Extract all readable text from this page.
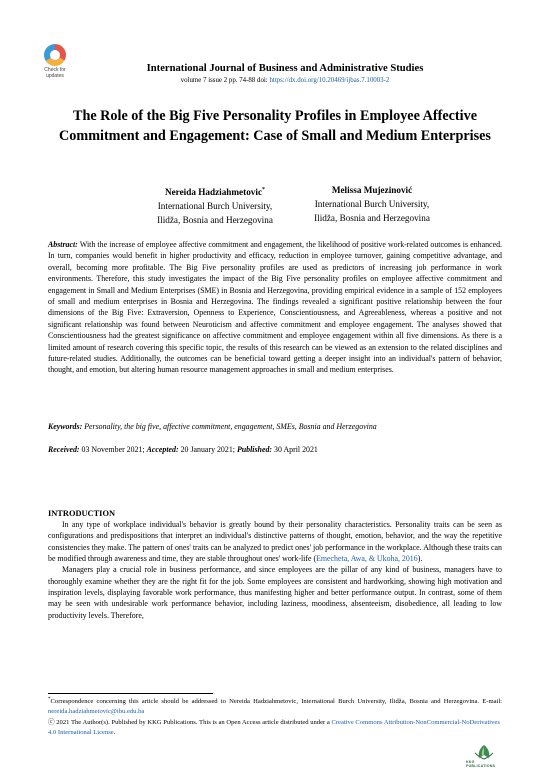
Check for updates
International Journal of Business and Administrative Studies
volume 7 issue 2 pp. 74-88 doi: https://dx.doi.org/10.20469/ijbas.7.10003-2
The Role of the Big Five Personality Profiles in Employee Affective Commitment and Engagement: Case of Small and Medium Enterprises
Nereida Hadziahmetovic*
International Burch University,
Ilidža, Bosnia and Herzegovina
Melissa Mujezinović
International Burch University,
Ilidža, Bosnia and Herzegovina
Abstract: With the increase of employee affective commitment and engagement, the likelihood of positive work-related outcomes is enhanced. In turn, companies would benefit in higher productivity and efficacy, reduction in employee turnover, gaining competitive advantage, and overall, becoming more profitable. The Big Five personality profiles are used as predictors of increasing job performance in work environments. Therefore, this study investigates the impact of the Big Five personality profiles on employee affective commitment and engagement in Small and Medium Enterprises (SME) in Bosnia and Herzegovina, providing empirical evidence in a sample of 152 employees of small and medium enterprises in Bosnia and Herzegovina. The findings revealed a significant positive relationship between the four dimensions of the Big Five: Extraversion, Openness to Experience, Conscientiousness, and Agreeableness, whereas a positive and not significant relationship was found between Neuroticism and affective commitment and employee engagement. The analyses showed that Conscientiousness had the greatest significance on affective commitment and employee engagement within all five dimensions. As there is a limited amount of research covering this specific topic, the results of this research can be viewed as an extension to the related disciplines and future-related studies. Additionally, the outcomes can be beneficial toward getting a deeper insight into an individual's pattern of behavior, thought, and emotion, but altering human resource management approaches in small and medium enterprises.
Keywords: Personality, the big five, affective commitment, engagement, SMEs, Bosnia and Herzegovina
Received: 03 November 2021; Accepted: 20 January 2021; Published: 30 April 2021
INTRODUCTION

In any type of workplace individual's behavior is greatly bound by their personality characteristics. Personality traits can be seen as configurations and predispositions that interpret an individual's distinctive patterns of thought, emotion, behavior, and the way the repetitive consistencies they make. The pattern of ones' traits can be analyzed to predict ones' job performance in the workplace. Although these traits can be modified through awareness and time, they are stable throughout ones' work-life (Emecheta, Awa, & Ukoha, 2016).

Managers play a crucial role in business performance, and since employees are the pillar of any kind of business, managers have to thoroughly examine whether they are the right fit for the job. Some employees are consistent and hardworking, showing high motivation and inspiration levels, displaying favorable work performance, thus manifesting higher and better performance output. In contrast, some of them may be seen with undesirable work performance behavior, including laziness, moodiness, absenteeism, disobedience, all leading to low productivity levels. Therefore,

*Correspondence concerning this article should be addressed to Nereida Hadziahmetovic, International Burch University, Ilidža, Bosnia and Herzegovina. E-mail: nereida.hadziahmetovic@ibu.edu.ba
ⓒ 2021 The Author(s). Published by KKG Publications. This is an Open Access article distributed under a Creative Commons Attribution-NonCommercial-NoDerivatives 4.0 International License.
KKG PUBLICATIONS
